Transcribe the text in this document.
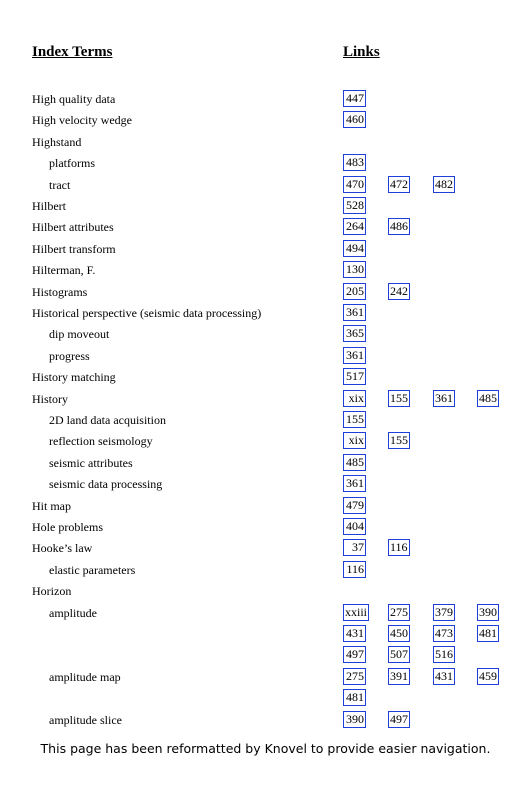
Index Terms	Links
High quality data	447
High velocity wedge	460
Highstand
platforms	483
tract	470 472 482
Hilbert	528
Hilbert attributes	264 486
Hilbert transform	494
Hilterman, F.	130
Histograms	205 242
Historical perspective (seismic data processing)	361
dip moveout	365
progress	361
History matching	517
History	xix 155 361 485
2D land data acquisition	155
reflection seismology	xix 155
seismic attributes	485
seismic data processing	361
Hit map	479
Hole problems	404
Hooke’s law	37 116
elastic parameters	116
Horizon
amplitude	xxiii 275 379 390
431 450 473 481
497 507 516
amplitude map	275 391 431 459
481
amplitude slice	390 497
This page has been reformatted by Knovel to provide easier navigation.
